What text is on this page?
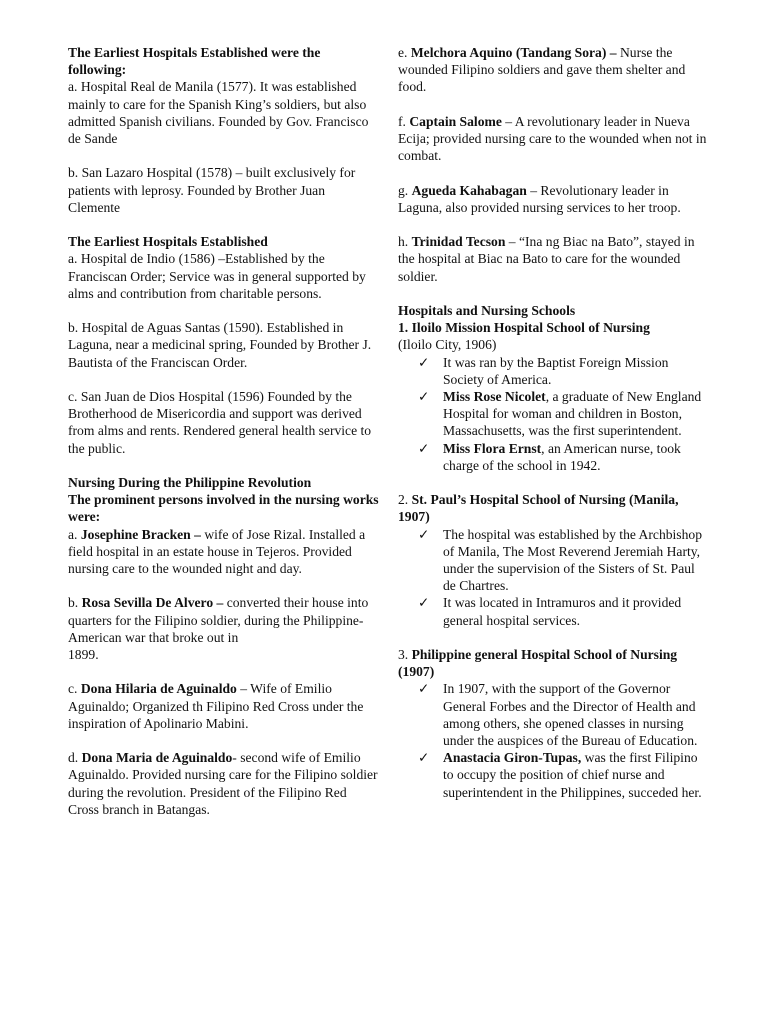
The Earliest Hospitals Established were the following:

a. Hospital Real de Manila (1577). It was established mainly to care for the Spanish King’s soldiers, but also admitted Spanish civilians. Founded by Gov. Francisco de Sande

b. San Lazaro Hospital (1578) – built exclusively for patients with leprosy. Founded by Brother Juan Clemente

The Earliest Hospitals Established

a. Hospital de Indio (1586) –Established by the Franciscan Order; Service was in general supported by alms and contribution from charitable persons.

b. Hospital de Aguas Santas (1590). Established in Laguna, near a medicinal spring, Founded by Brother J. Bautista of the Franciscan Order.

c. San Juan de Dios Hospital (1596) Founded by the Brotherhood de Misericordia and support was derived from alms and rents. Rendered general health service to the public.

Nursing During the Philippine Revolution

The prominent persons involved in the nursing works were:

a. Josephine Bracken – wife of Jose Rizal. Installed a field hospital in an estate house in Tejeros. Provided nursing care to the wounded night and day.

b. Rosa Sevilla De Alvero – converted their house into quarters for the Filipino soldier, during the Philippine-American war that broke out in
1899.

c. Dona Hilaria de Aguinaldo – Wife of Emilio Aguinaldo; Organized th Filipino Red Cross under the inspiration of Apolinario Mabini.

d. Dona Maria de Aguinaldo- second wife of Emilio Aguinaldo. Provided nursing care for the Filipino soldier during the revolution. President of the Filipino Red Cross branch in Batangas.

e. Melchora Aquino (Tandang Sora) – Nurse the wounded Filipino soldiers and gave them shelter and food.

f. Captain Salome – A revolutionary leader in Nueva Ecija; provided nursing care to the wounded when not in combat.

g. Agueda Kahabagan – Revolutionary leader in Laguna, also provided nursing services to her troop.

h. Trinidad Tecson – “Ina ng Biac na Bato”, stayed in the hospital at Biac na Bato to care for the wounded soldier.

Hospitals and Nursing Schools

1. Iloilo Mission Hospital School of Nursing

(Iloilo City, 1906)

✓ It was ran by the Baptist Foreign Mission Society of America.
✓ Miss Rose Nicolet, a graduate of New England Hospital for woman and children in Boston, Massachusetts, was the first superintendent.
✓ Miss Flora Ernst, an American nurse, took charge of the school in 1942.

2. St. Paul’s Hospital School of Nursing (Manila, 1907)

✓ The hospital was established by the Archbishop of Manila, The Most Reverend Jeremiah Harty, under the supervision of the Sisters of St. Paul de Chartres.
✓ It was located in Intramuros and it provided general hospital services.

3. Philippine general Hospital School of Nursing (1907)

✓ In 1907, with the support of the Governor General Forbes and the Director of Health and among others, she opened classes in nursing under the auspices of the Bureau of Education.
✓ Anastacia Giron-Tupas, was the first Filipino to occupy the position of chief nurse and superintendent in the Philippines, succeded her.
